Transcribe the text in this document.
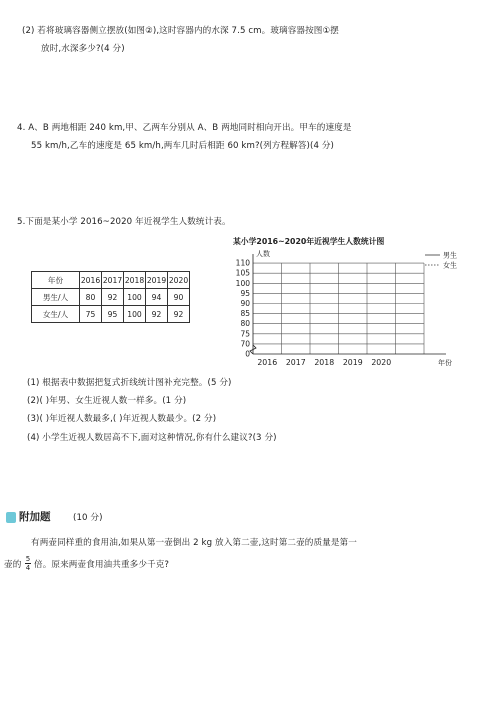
(2) 若将玻璃容器侧立摆放(如图②),这时容器内的水深 7.5 cm。玻璃容器按图①摆
放时,水深多少?(4 分)
4. A、B 两地相距 240 km,甲、乙两车分别从 A、B 两地同时相向开出。甲车的速度是
55 km/h,乙车的速度是 65 km/h,两车几时后相距 60 km?(列方程解答)(4 分)
5.下面是某小学 2016~2020 年近视学生人数统计表。
年份	2016	2017	2018	2019	2020
男生/人	80	92	100	94	90
女生/人	75	95	100	92	92
某小学2016~2020年近视学生人数统计图
人数
0
70
75
80
85
90
95
100
105
110
2016 2017 2018 2019 2020	年份
男生
女生
(1) 根据表中数据把复式折线统计图补充完整。(5 分)
(2)( )年男、女生近视人数一样多。(1 分)
(3)( )年近视人数最多,( )年近视人数最少。(2 分)
(4) 小学生近视人数居高不下,面对这种情况,你有什么建议?(3 分)
附加题	(10 分)
有两壶同样重的食用油,如果从第一壶倒出 2 kg 放入第二壶,这时第二壶的质量是第一
壶的
5
4 倍。原来两壶食用油共重多少千克?
